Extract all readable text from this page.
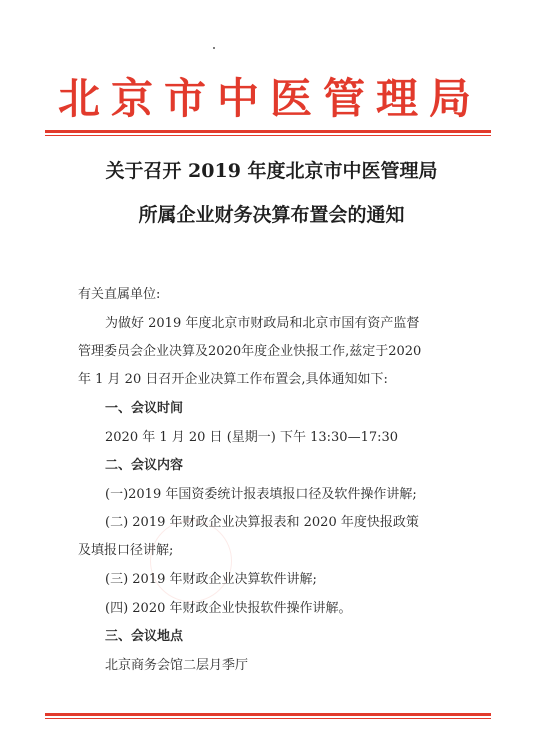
北京市中医管理局
关于召开 2019 年度北京市中医管理局
所属企业财务决算布置会的通知
有关直属单位:
为做好 2019 年度北京市财政局和北京市国有资产监督
管理委员会企业决算及2020年度企业快报工作,兹定于2020
年 1 月 20 日召开企业决算工作布置会,具体通知如下:
一、会议时间
2020 年 1 月 20 日 (星期一) 下午 13:30—17:30
二、会议内容
(一)2019 年国资委统计报表填报口径及软件操作讲解;
(二) 2019 年财政企业决算报表和 2020 年度快报政策
及填报口径讲解;
(三) 2019 年财政企业决算软件讲解;
(四) 2020 年财政企业快报软件操作讲解。
三、会议地点
北京商务会馆二层月季厅
